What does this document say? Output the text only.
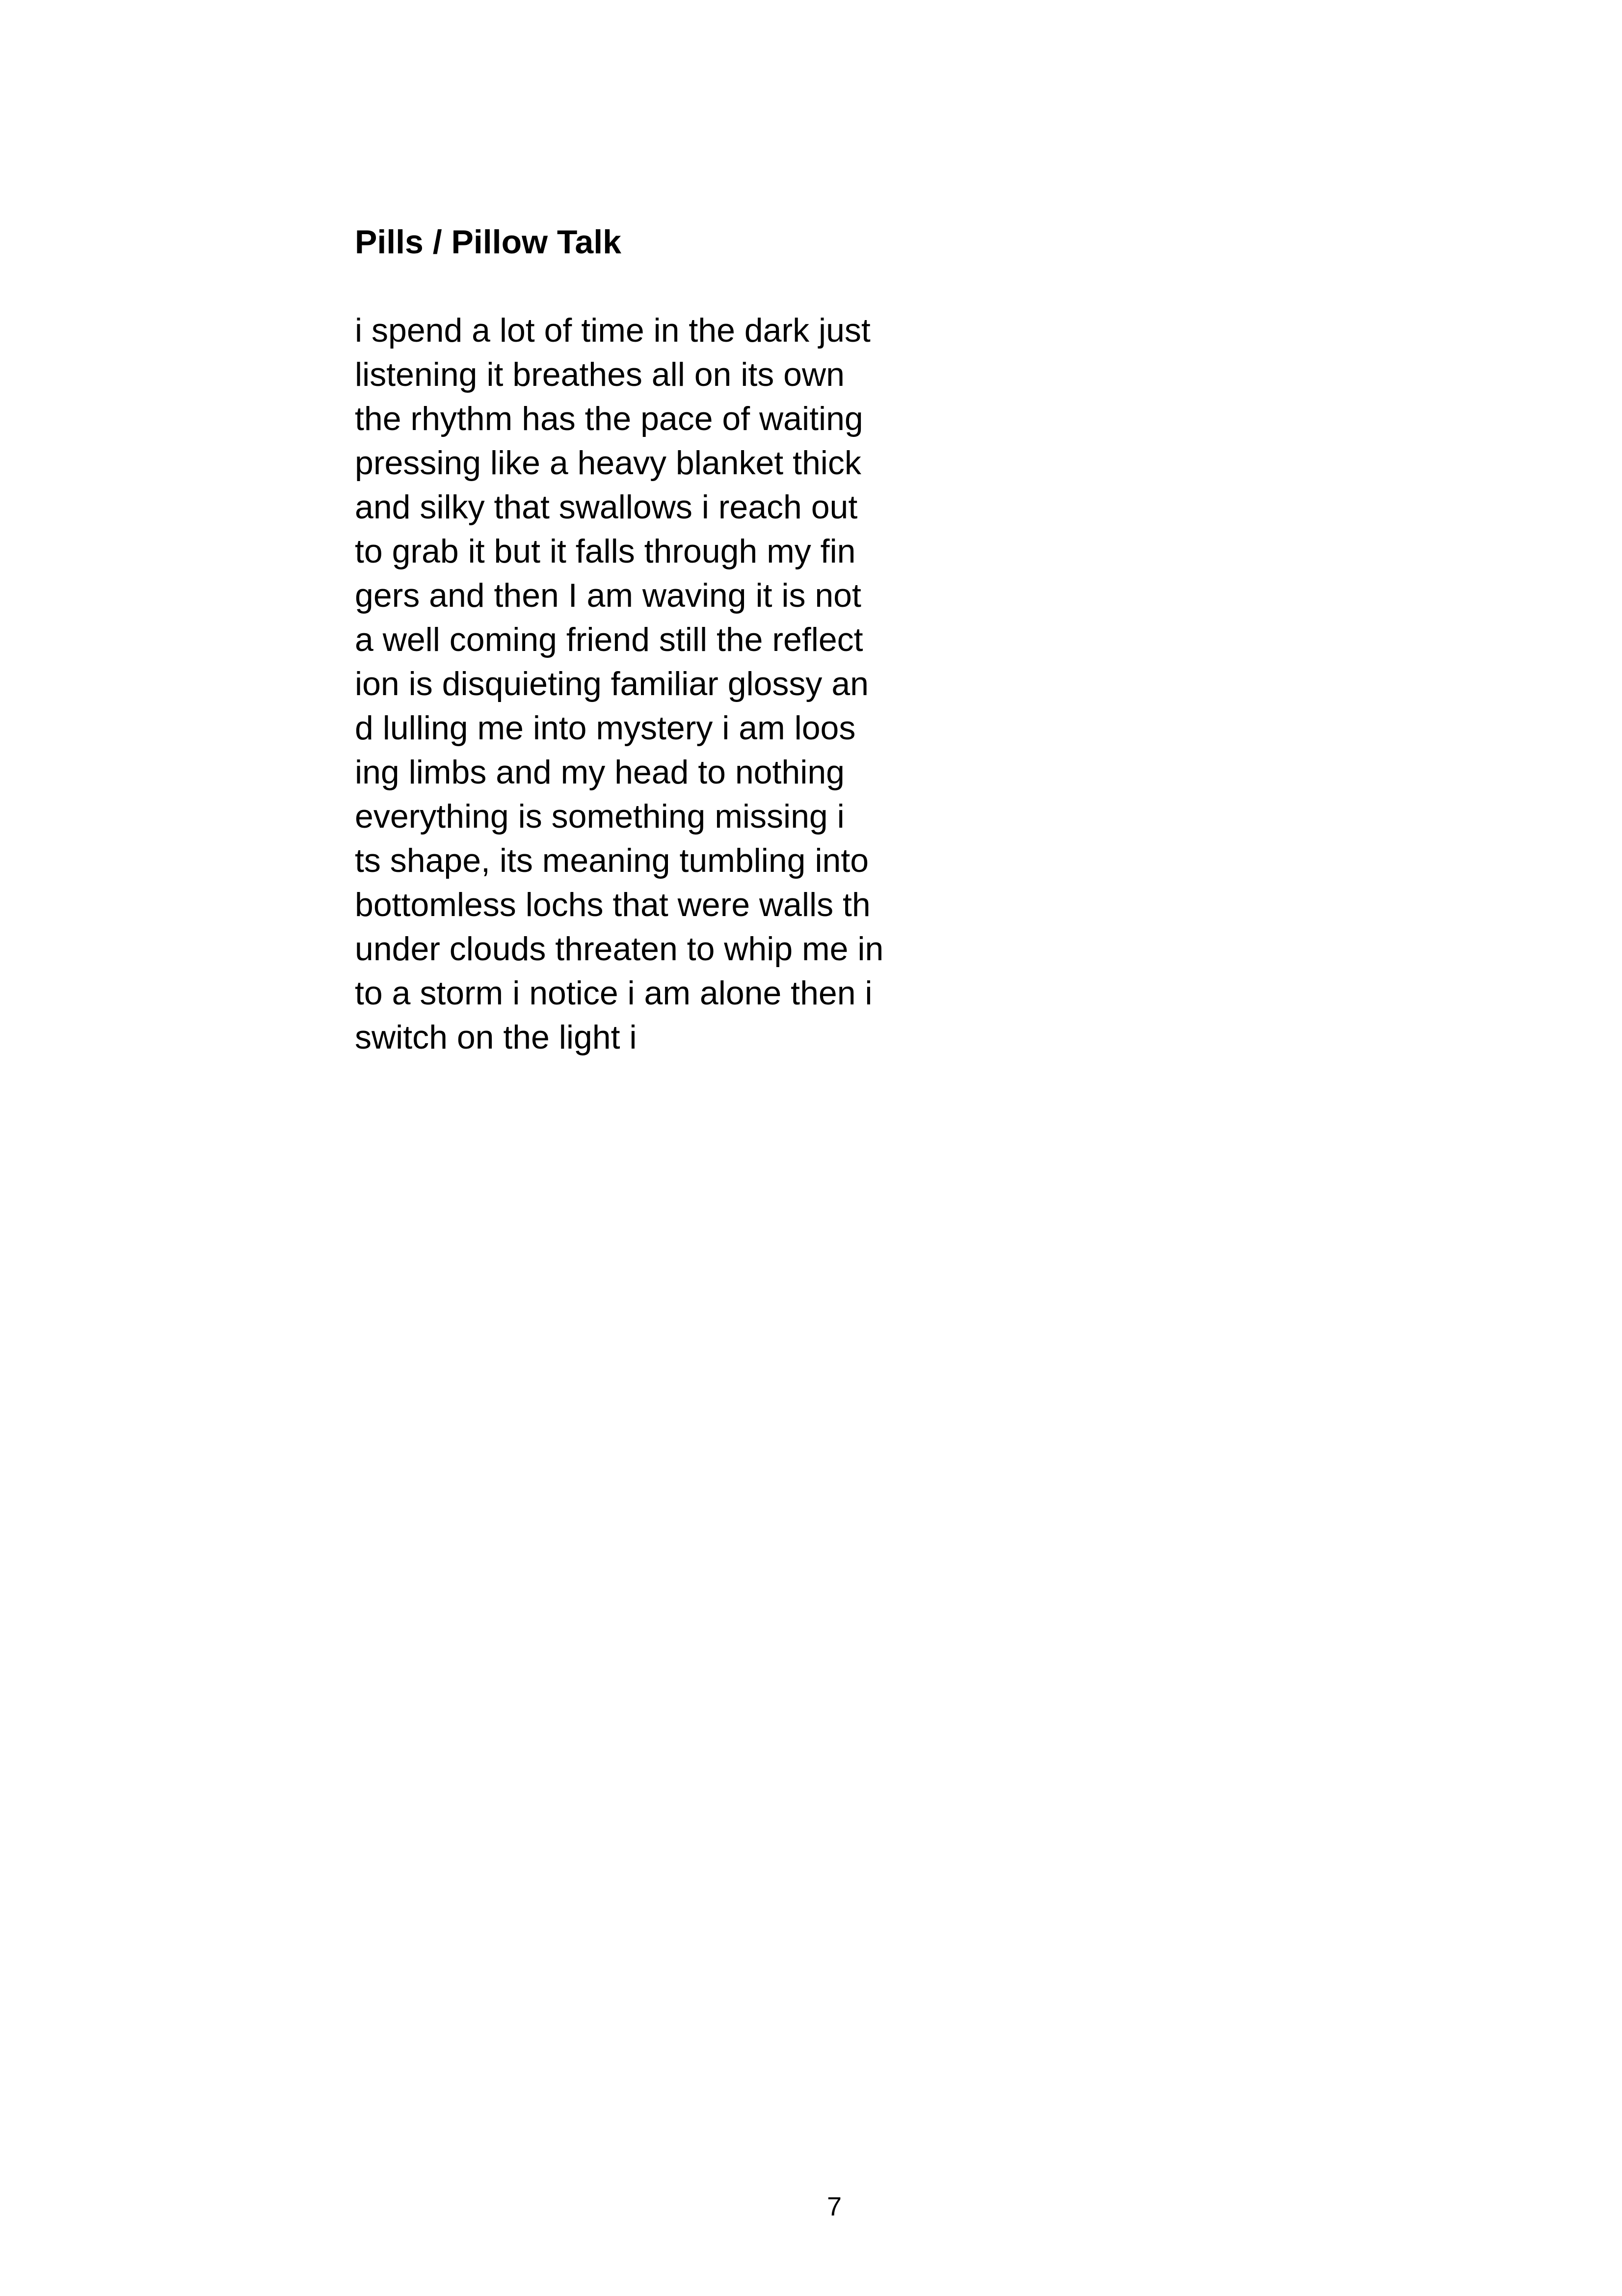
Pills / Pillow Talk
i spend a lot of time in the dark just
listening it breathes all on its own
the rhythm has the pace of waiting
pressing like a heavy blanket thick
and silky that swallows i reach out
to grab it but it falls through my fin
gers and then I am waving it is not
a well coming friend still the reflect
ion is disquieting familiar glossy an
d lulling me into mystery i am loos
ing limbs and my head to nothing
everything is something missing i
ts shape, its meaning tumbling into
bottomless lochs that were walls th
under clouds threaten to whip me in
to a storm i notice i am alone then i
switch on the light i
7
